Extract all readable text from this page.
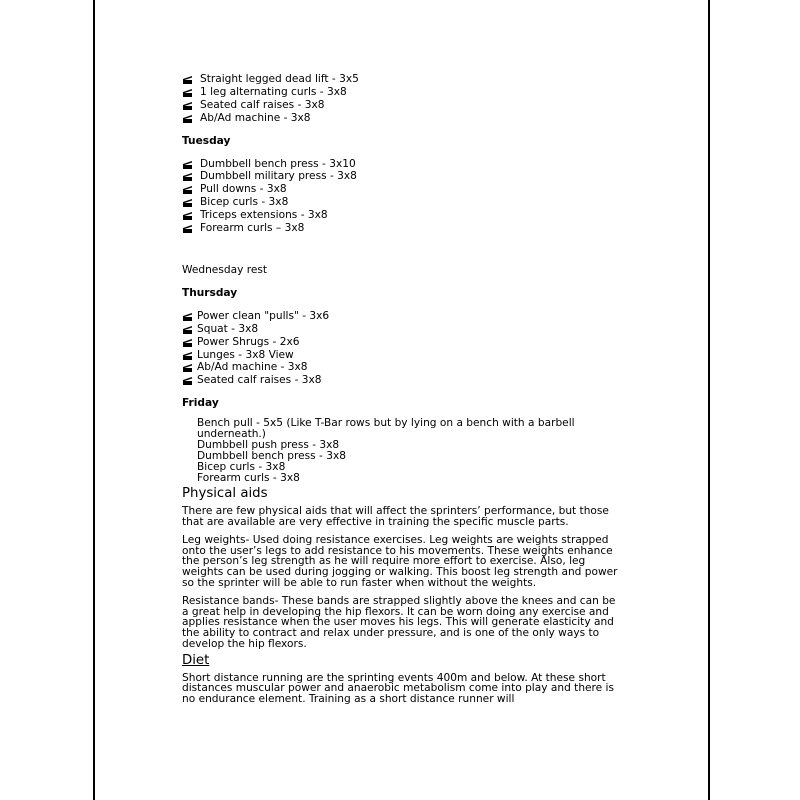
Straight legged dead lift - 3x5
1 leg alternating curls - 3x8
Seated calf raises - 3x8
Ab/Ad machine - 3x8
Tuesday
Dumbbell bench press - 3x10
Dumbbell military press - 3x8
Pull downs - 3x8
Bicep curls - 3x8
Triceps extensions - 3x8
Forearm curls – 3x8
Wednesday rest
Thursday
Power clean "pulls" - 3x6
Squat - 3x8
Power Shrugs - 2x6
Lunges - 3x8 View
Ab/Ad machine - 3x8
Seated calf raises - 3x8
Friday
Bench pull - 5x5 (Like T-Bar rows but by lying on a bench with a barbell underneath.)
Dumbbell push press - 3x8
Dumbbell bench press - 3x8
Bicep curls - 3x8
Forearm curls - 3x8
Physical aids

There are few physical aids that will affect the sprinters’ performance, but those that are available are very effective in training the specific muscle parts.

Leg weights- Used doing resistance exercises. Leg weights are weights strapped onto the user’s legs to add resistance to his movements. These weights enhance the person’s leg strength as he will require more effort to exercise. Also, leg weights can be used during jogging or walking. This boost leg strength and power so the sprinter will be able to run faster when without the weights.

Resistance bands- These bands are strapped slightly above the knees and can be a great help in developing the hip flexors. It can be worn doing any exercise and applies resistance when the user moves his legs. This will generate elasticity and the ability to contract and relax under pressure, and is one of the only ways to develop the hip flexors.

Diet

Short distance running are the sprinting events 400m and below. At these short distances muscular power and anaerobic metabolism come into play and there is no endurance element. Training as a short distance runner will
